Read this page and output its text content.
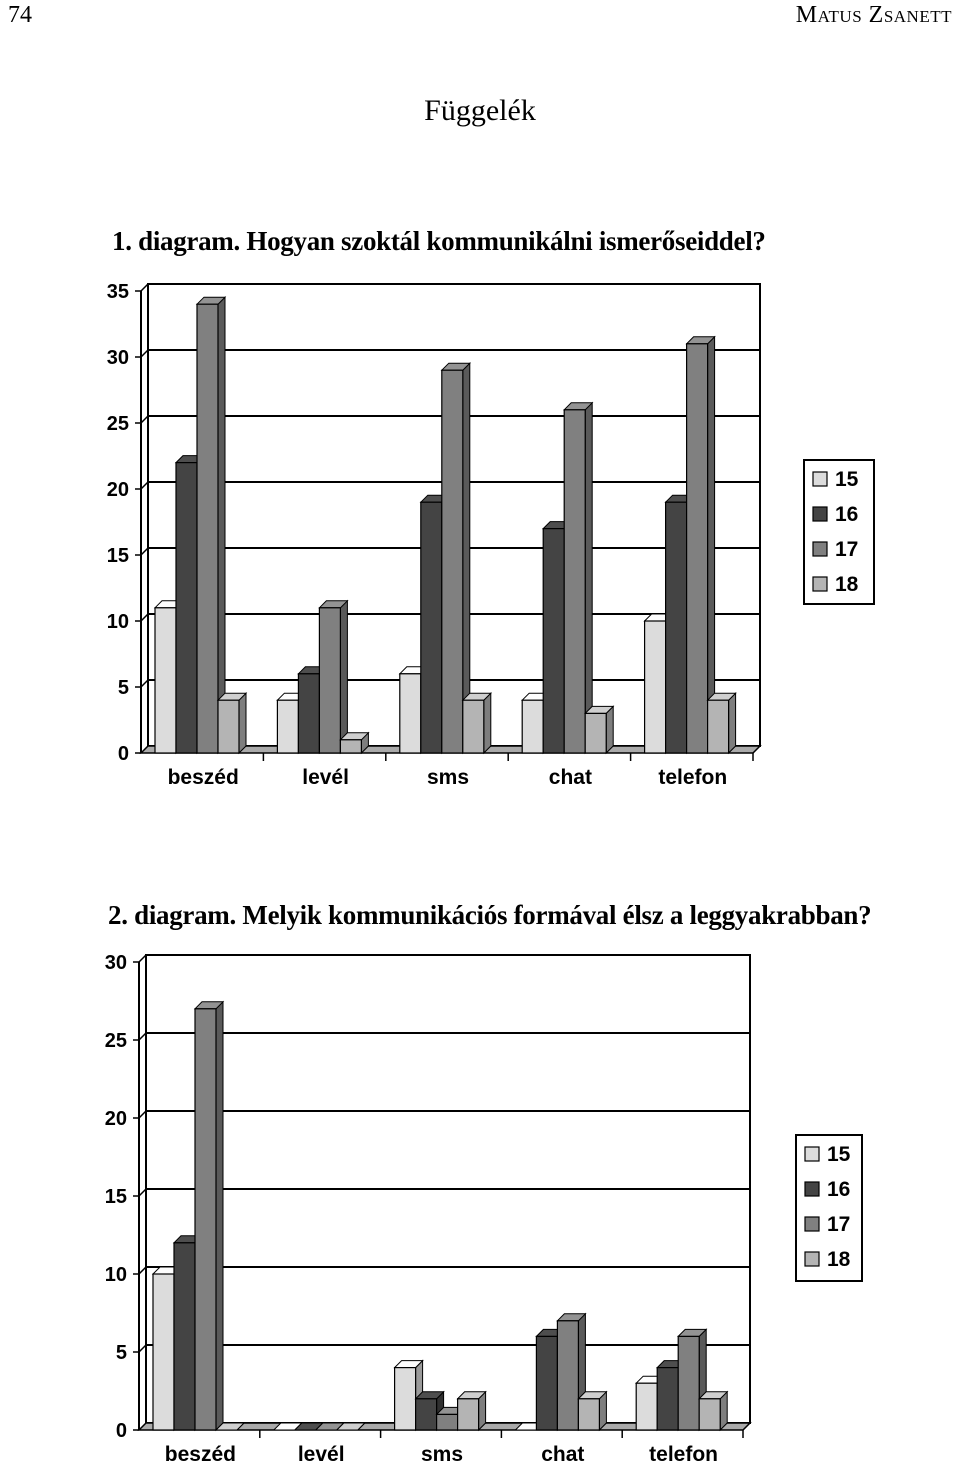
74	MATUS ZSANETT
Függelék
1. diagram. Hogyan szoktál kommunikálni ismerőseiddel?
0
5
10
15
20
25
30
35
beszéd	levél	sms	chat	telefon
15
16
17
18
2. diagram. Melyik kommunikációs formával élsz a leggyakrabban?
0
5
10
15
20
25
30
beszéd	levél	sms	chat	telefon
15
16
17
18
